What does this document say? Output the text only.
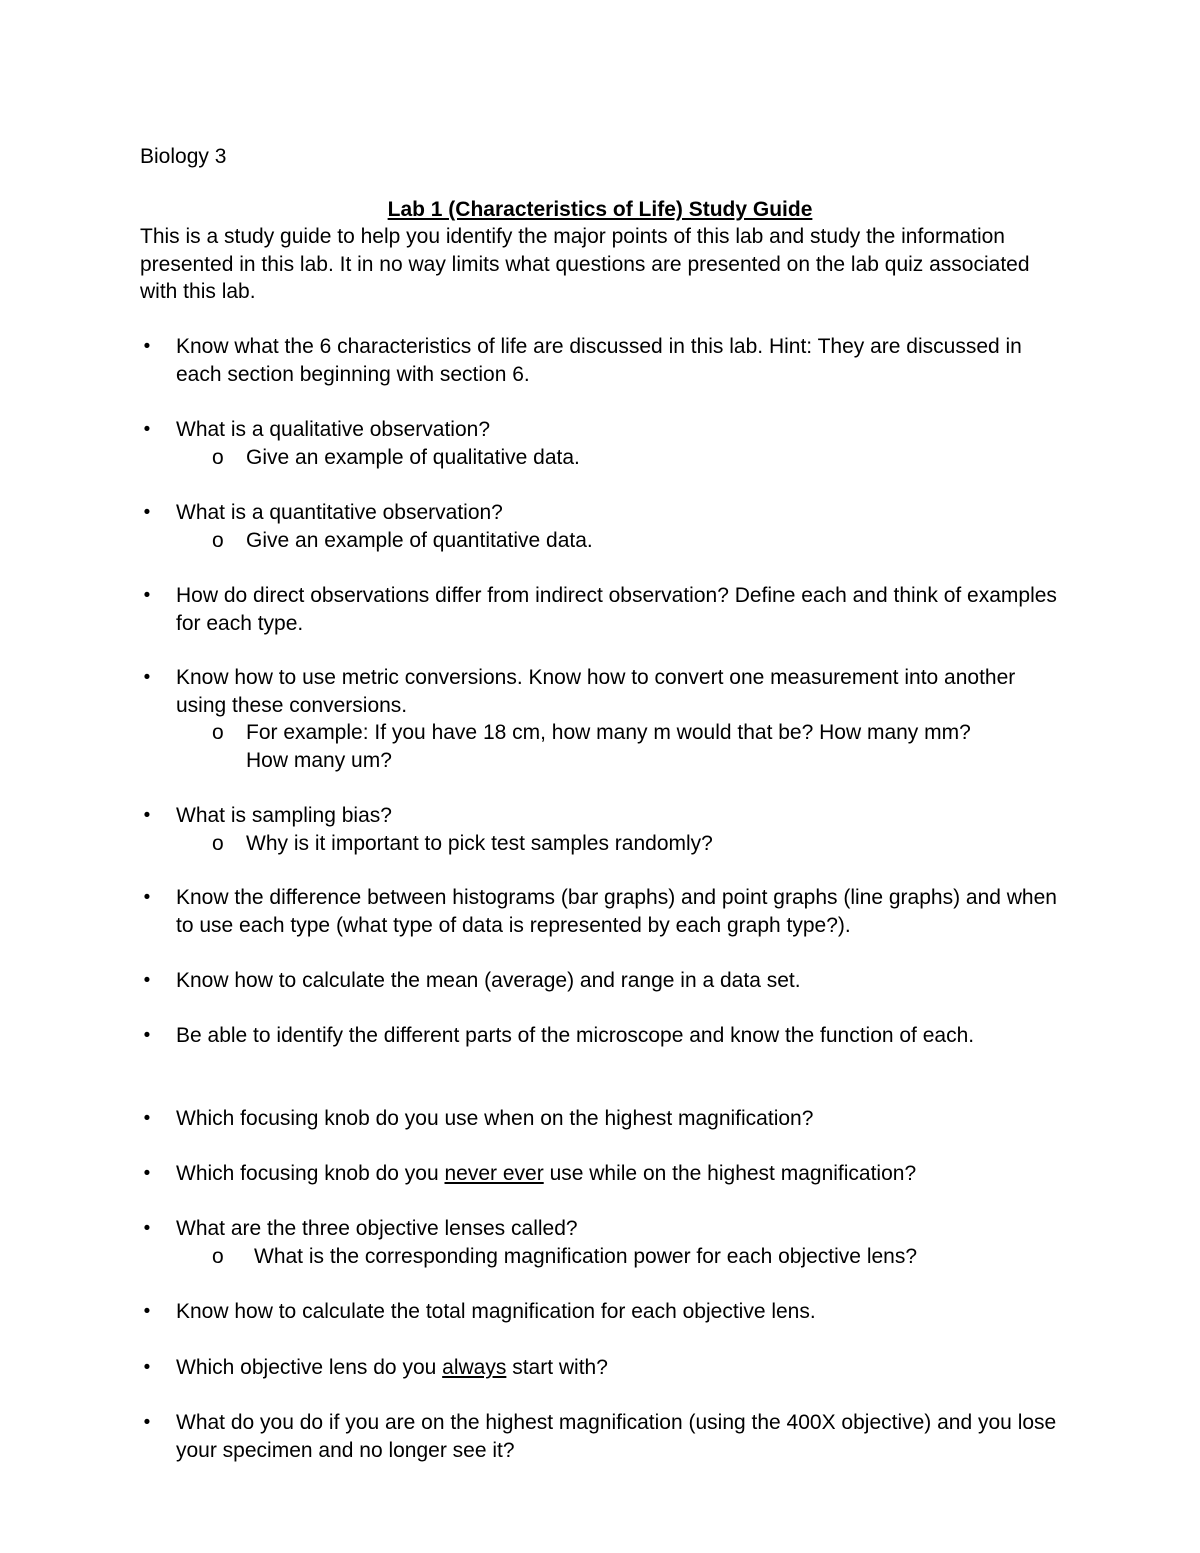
Biology 3

Lab 1 (Characteristics of Life) Study Guide

This is a study guide to help you identify the major points of this lab and study the information presented in this lab. It in no way limits what questions are presented on the lab quiz associated with this lab.

•	Know what the 6 characteristics of life are discussed in this lab. Hint: They are discussed in each section beginning with section 6.
•	What is a qualitative observation?
o	Give an example of qualitative data.
•	What is a quantitative observation?
o	Give an example of quantitative data.
•	How do direct observations differ from indirect observation? Define each and think of examples for each type.
•	Know how to use metric conversions. Know how to convert one measurement into another using these conversions.
o	For example: If you have 18 cm, how many m would that be? How many mm? How many um?
•	What is sampling bias?
o	Why is it important to pick test samples randomly?
•	Know the difference between histograms (bar graphs) and point graphs (line graphs) and when to use each type (what type of data is represented by each graph type?).
•	Know how to calculate the mean (average) and range in a data set.
•	Be able to identify the different parts of the microscope and know the function of each.
•	Which focusing knob do you use when on the highest magnification?
•	Which focusing knob do you never ever use while on the highest magnification?
•	What are the three objective lenses called?
o	What is the corresponding magnification power for each objective lens?
•	Know how to calculate the total magnification for each objective lens.
•	Which objective lens do you always start with?
•	What do you do if you are on the highest magnification (using the 400X objective) and you lose your specimen and no longer see it?
